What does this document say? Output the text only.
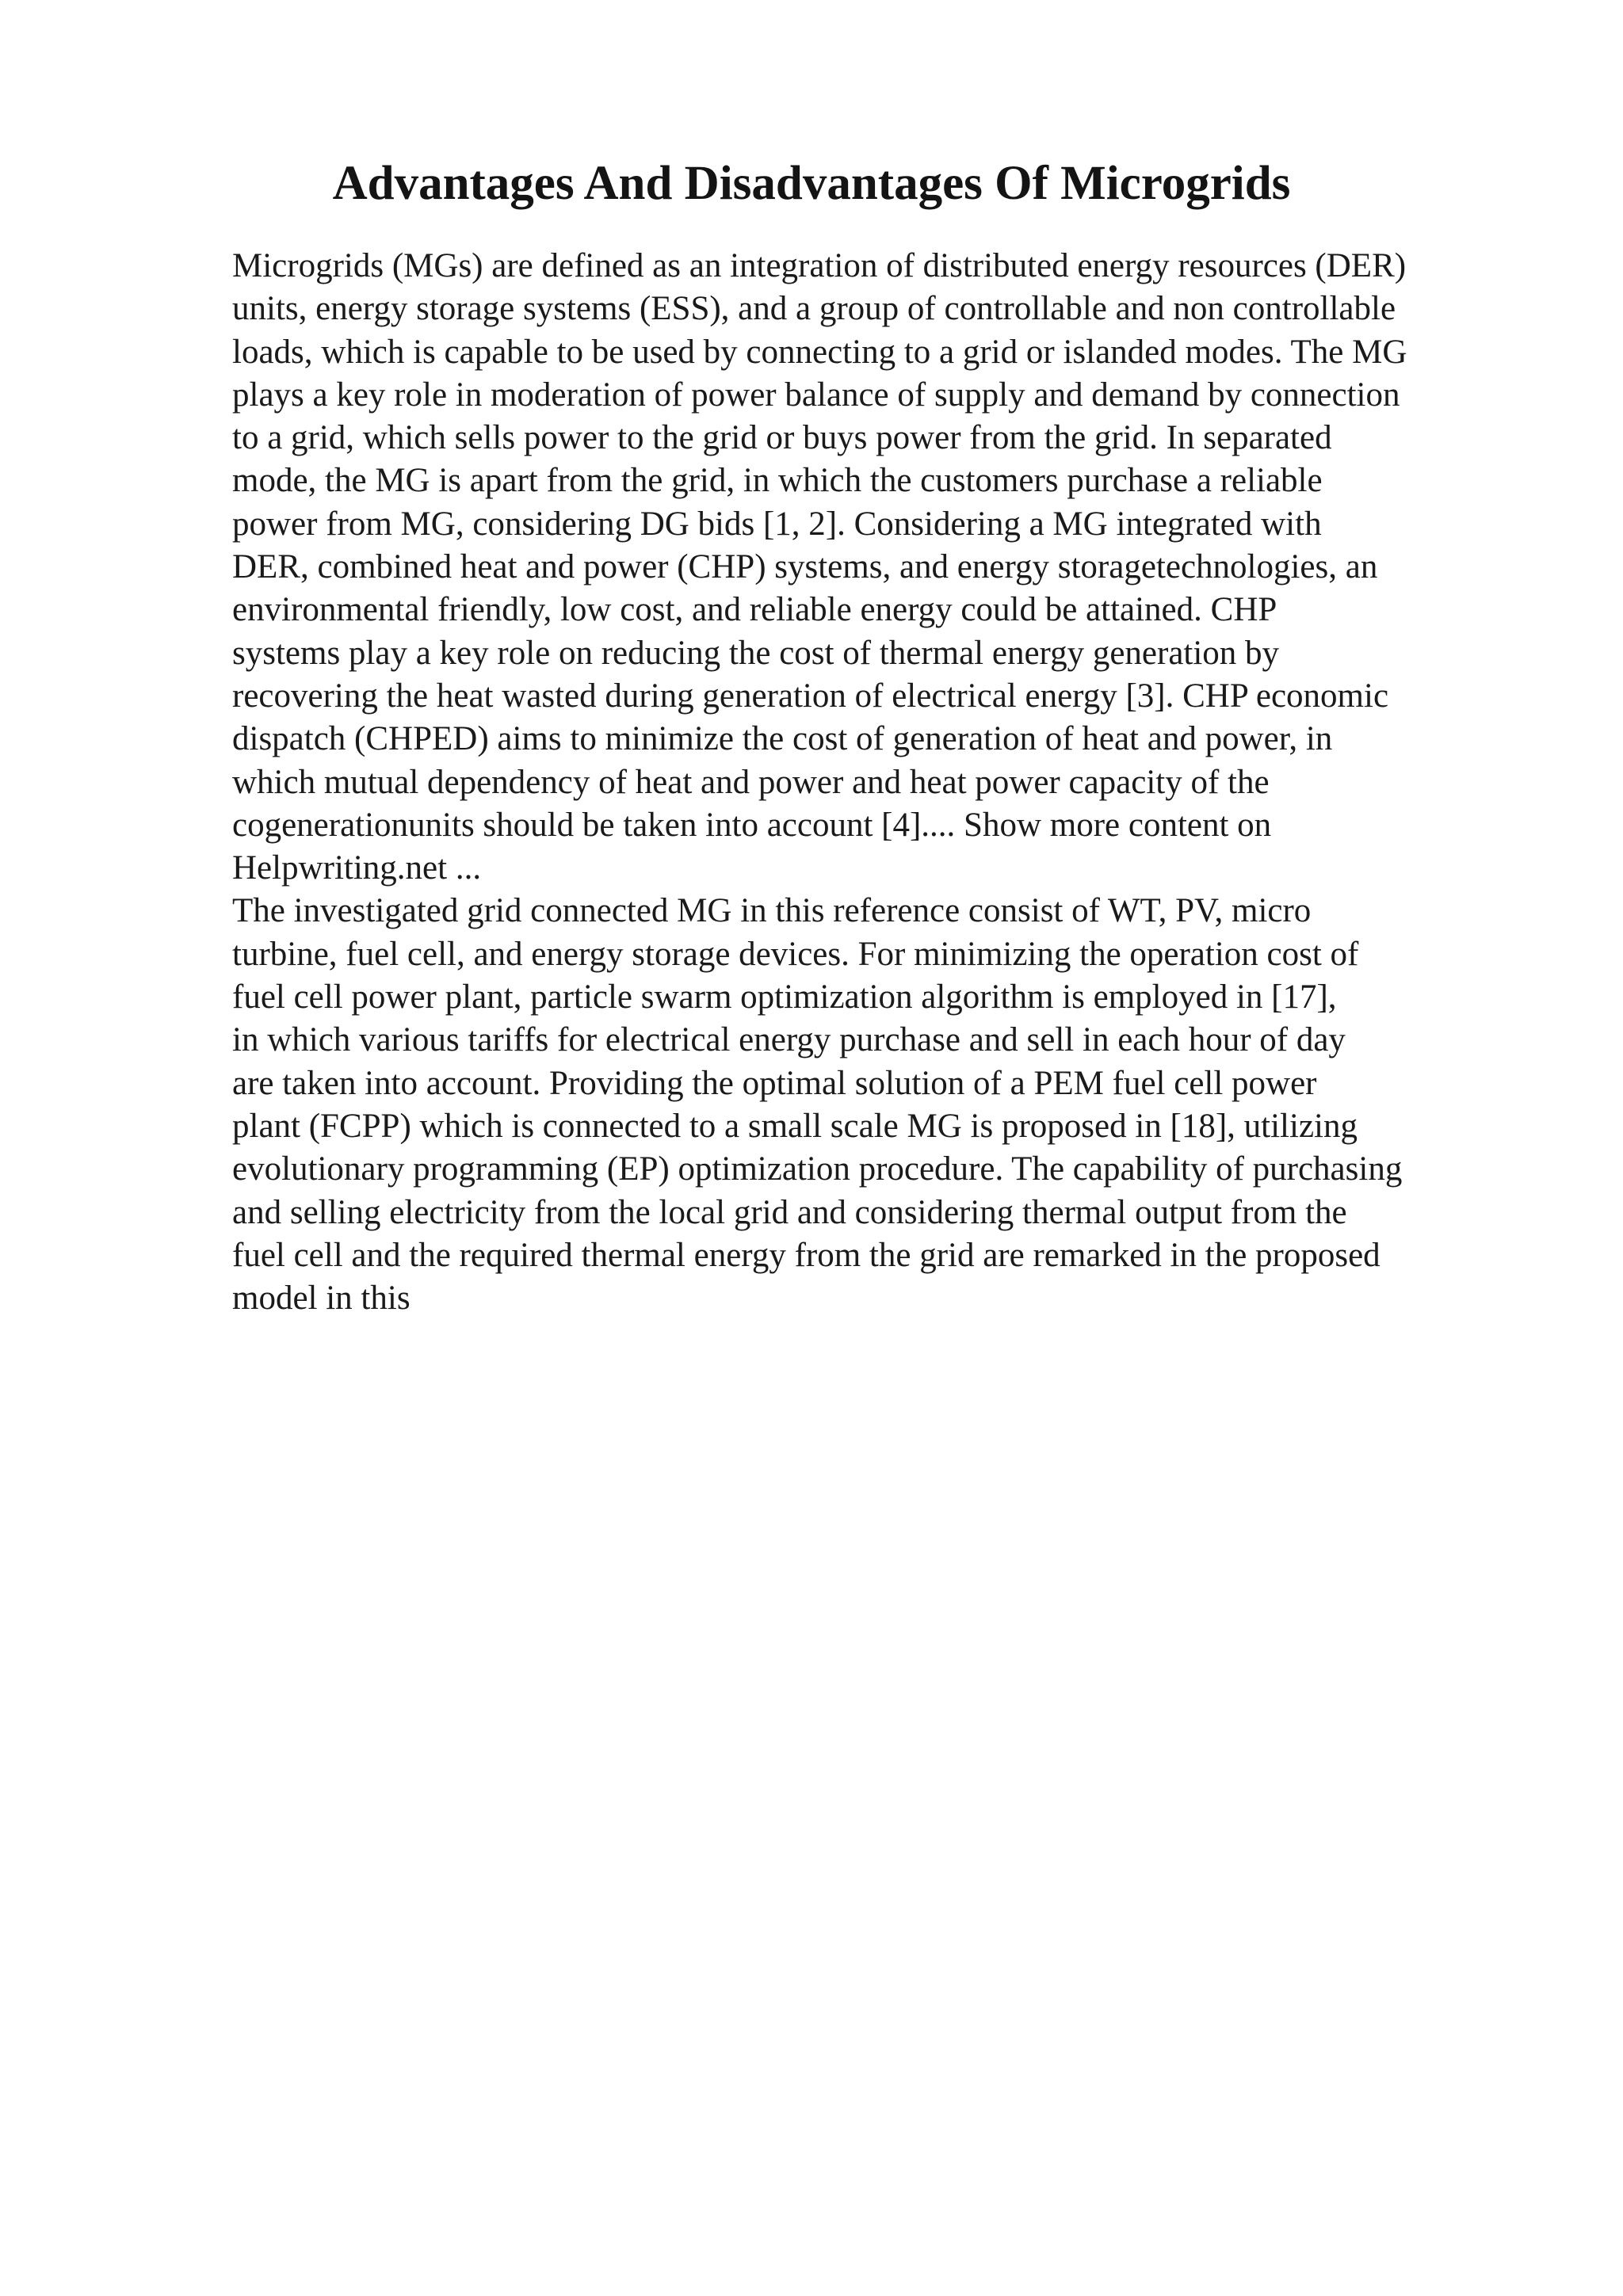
Advantages And Disadvantages Of Microgrids
Microgrids (MGs) are defined as an integration of distributed energy resources (DER)
units, energy storage systems (ESS), and a group of controllable and non controllable
loads, which is capable to be used by connecting to a grid or islanded modes. The MG
plays a key role in moderation of power balance of supply and demand by connection
to a grid, which sells power to the grid or buys power from the grid. In separated
mode, the MG is apart from the grid, in which the customers purchase a reliable
power from MG, considering DG bids [1, 2]. Considering a MG integrated with
DER, combined heat and power (CHP) systems, and energy storagetechnologies, an
environmental friendly, low cost, and reliable energy could be attained. CHP
systems play a key role on reducing the cost of thermal energy generation by
recovering the heat wasted during generation of electrical energy [3]. CHP economic
dispatch (CHPED) aims to minimize the cost of generation of heat and power, in
which mutual dependency of heat and power and heat power capacity of the
cogenerationunits should be taken into account [4].... Show more content on
Helpwriting.net ...
The investigated grid connected MG in this reference consist of WT, PV, micro
turbine, fuel cell, and energy storage devices. For minimizing the operation cost of
fuel cell power plant, particle swarm optimization algorithm is employed in [17],
in which various tariffs for electrical energy purchase and sell in each hour of day
are taken into account. Providing the optimal solution of a PEM fuel cell power
plant (FCPP) which is connected to a small scale MG is proposed in [18], utilizing
evolutionary programming (EP) optimization procedure. The capability of purchasing
and selling electricity from the local grid and considering thermal output from the
fuel cell and the required thermal energy from the grid are remarked in the proposed
model in this
